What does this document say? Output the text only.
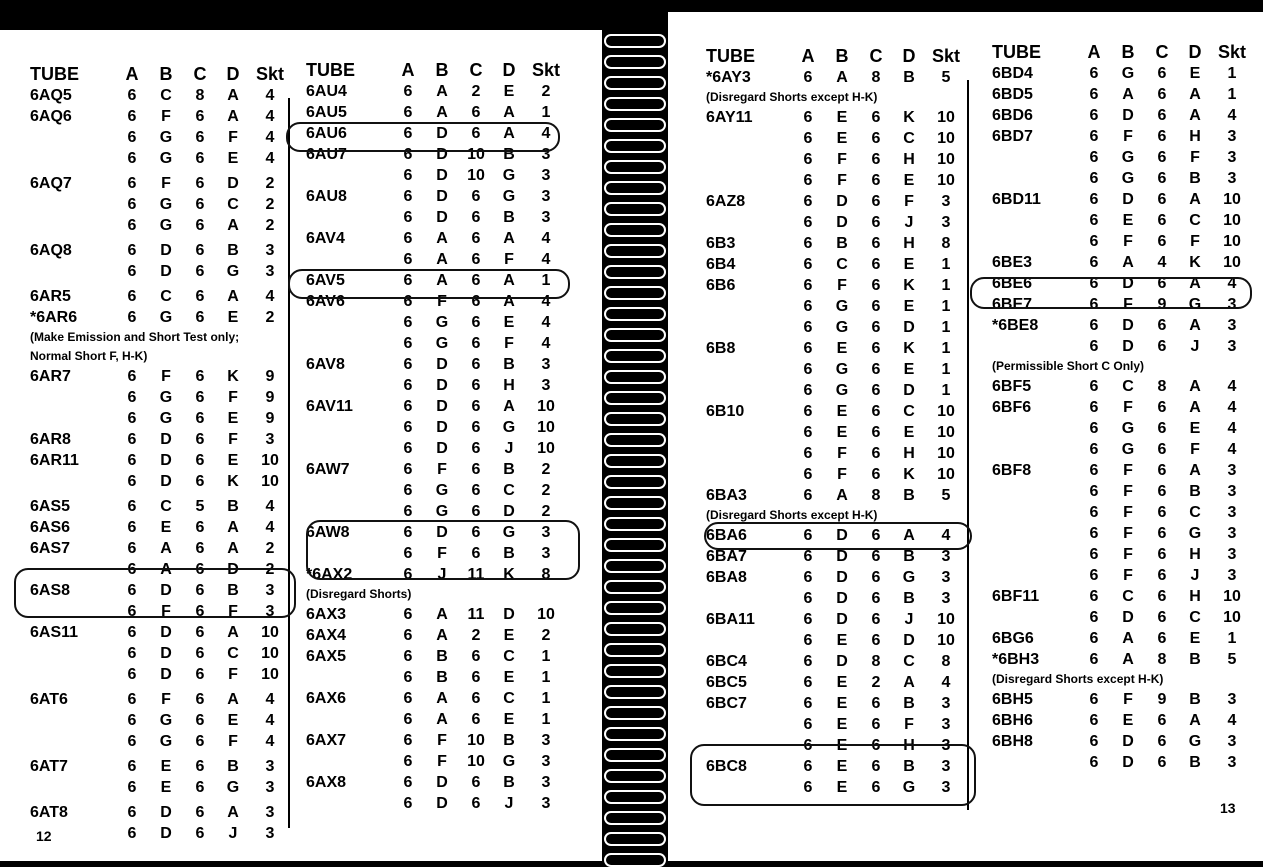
TUBE	A B C D Skt
6AQ5	6	C	8	A	4
6AQ6	6	F	6	A	4
6 G	6	F	4
6 G	6	E	4
6AQ7	6	F	6	D	2
6 G	6	C	2
6 G	6	A	2
6AQ8	6	D	6	B	3
6	D	6	G	3
6AR5	6	C	6	A	4
*6AR6	6 G	6	E	2
(Make Emission and Short Test only;
Normal Short F, H-K)
6AR7	6	F	6	K	9
6 G	6	F	9
6 G	6	E	9
6AR8	6	D	6	F	3
6AR11	6	D	6	E	10
6	D	6	K	10
6AS5	6	C	5	B	4
6AS6	6	E	6	A	4
6AS7	6	A	6	A	2
6	A	6	D	2
6AS8	6	D	6	B	3
6	F	6	F	3
6AS11	6	D	6	A	10
6	D	6	C	10
6	D	6	F	10
6AT6	6	F	6	A	4
6 G	6	E	4
6 G	6	F	4
6AT7	6	E	6	B	3
6	E	6	G	3
6AT8	6	D	6	A	3
6	D	6	J	3
TUBE	A B C D Skt
6AU4	6	A	2	E	2
6AU5	6	A	6	A	1
6AU6	6	D	6	A	4
6AU7	6	D	10 B	3
6	D	10 G	3
6AU8	6	D	6	G	3
6	D	6	B	3
6AV4	6	A	6	A	4
6	A	6	F	4
6AV5	6	A	6	A	1
6AV6	6	F	6	A	4
6 G	6	E	4
6 G	6	F	4
6AV8	6	D	6	B	3
6	D	6	H	3
6AV11	6	D	6	A	10
6	D	6	G	10
6	D	6	J	10
6AW7	6	F	6	B	2
6 G	6	C	2
6 G	6	D	2
6AW8	6	D	6	G	3
6	F	6	B	3
*6AX2	6	J	11 K	8
(Disregard Shorts)
6AX3	6	A	11 D	10
6AX4	6	A	2	E	2
6AX5	6	B	6	C	1
6	B	6	E	1
6AX6	6	A	6	C	1
6	A	6	E	1
6AX7	6	F	10 B	3
6	F	10 G	3
6AX8	6	D	6	B	3
6	D	6	J	3
TUBE	A B C D Skt
*6AY3	6	A	8	B	5
(Disregard Shorts except H-K)
6AY11	6	E	6	K	10
6	E	6	C	10
6	F	6	H	10
6	F	6	E	10
6AZ8	6	D	6	F	3
6	D	6	J	3
6B3	6	B	6	H	8
6B4	6	C	6	E	1
6B6	6	F	6	K	1
6 G	6	E	1
6 G	6	D	1
6B8	6	E	6	K	1
6 G	6	E	1
6 G	6	D	1
6B10	6	E	6	C	10
6	E	6	E	10
6	F	6	H	10
6	F	6	K	10
6BA3	6	A	8	B	5
(Disregard Shorts except H-K)
6BA6	6	D	6	A	4
6BA7	6	D	6	B	3
6BA8	6	D	6	G	3
6	D	6	B	3
6BA11	6	D	6	J	10
6	E	6	D	10
6BC4	6	D	8	C	8
6BC5	6	E	2	A	4
6BC7	6	E	6	B	3
6	E	6	F	3
6	E	6	H	3
6BC8	6	E	6	B	3
6	E	6	G	3
TUBE	A B C D Skt
6BD4	6 G	6	E	1
6BD5	6	A	6	A	1
6BD6	6	D	6	A	4
6BD7	6	F	6	H	3
6 G	6	F	3
6 G	6	B	3
6BD11	6	D	6	A	10
6	E	6	C	10
6	F	6	F	10
6BE3	6	A	4	K	10
6BE6	6	D	6	A	4
6BE7	6	F	9	G	3
*6BE8	6	D	6	A	3
6	D	6	J	3
(Permissible Short C Only)
6BF5	6	C	8	A	4
6BF6	6	F	6	A	4
6 G	6	E	4
6 G	6	F	4
6BF8	6	F	6	A	3
6	F	6	B	3
6	F	6	C	3
6	F	6	G	3
6	F	6	H	3
6	F	6	J	3
6BF11	6	C	6	H	10
6	D	6	C	10
6BG6	6	A	6	E	1
*6BH3	6	A	8	B	5
(Disregard Shorts except H-K)
6BH5	6	F	9	B	3
6BH6	6	E	6	A	4
6BH8	6	D	6	G	3
6	D	6	B	3
12
13
